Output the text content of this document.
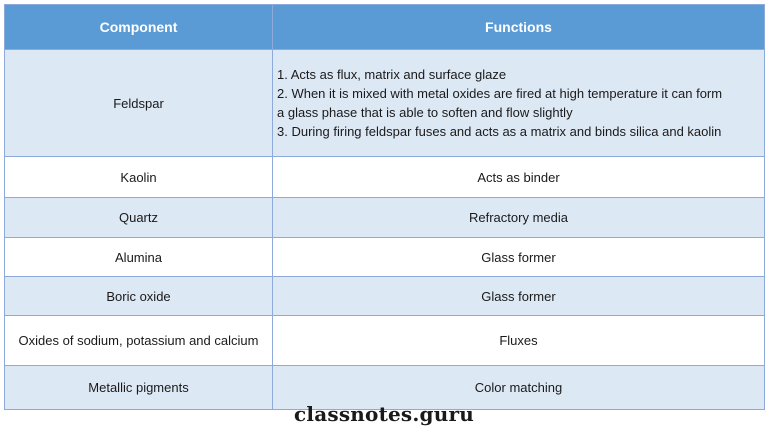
Component	Functions
Feldspar	1. Acts as flux, matrix and surface glaze
2. When it is mixed with metal oxides are fired at high temperature it can form
a glass phase that is able to soften and flow slightly
3. During firing feldspar fuses and acts as a matrix and binds silica and kaolin

Kaolin	Acts as binder
Quartz	Refractory media
Alumina	Glass former
Boric oxide	Glass former
Oxides of sodium, potassium and calcium	Fluxes
Metallic pigments	Color matching
classnotes.guru
